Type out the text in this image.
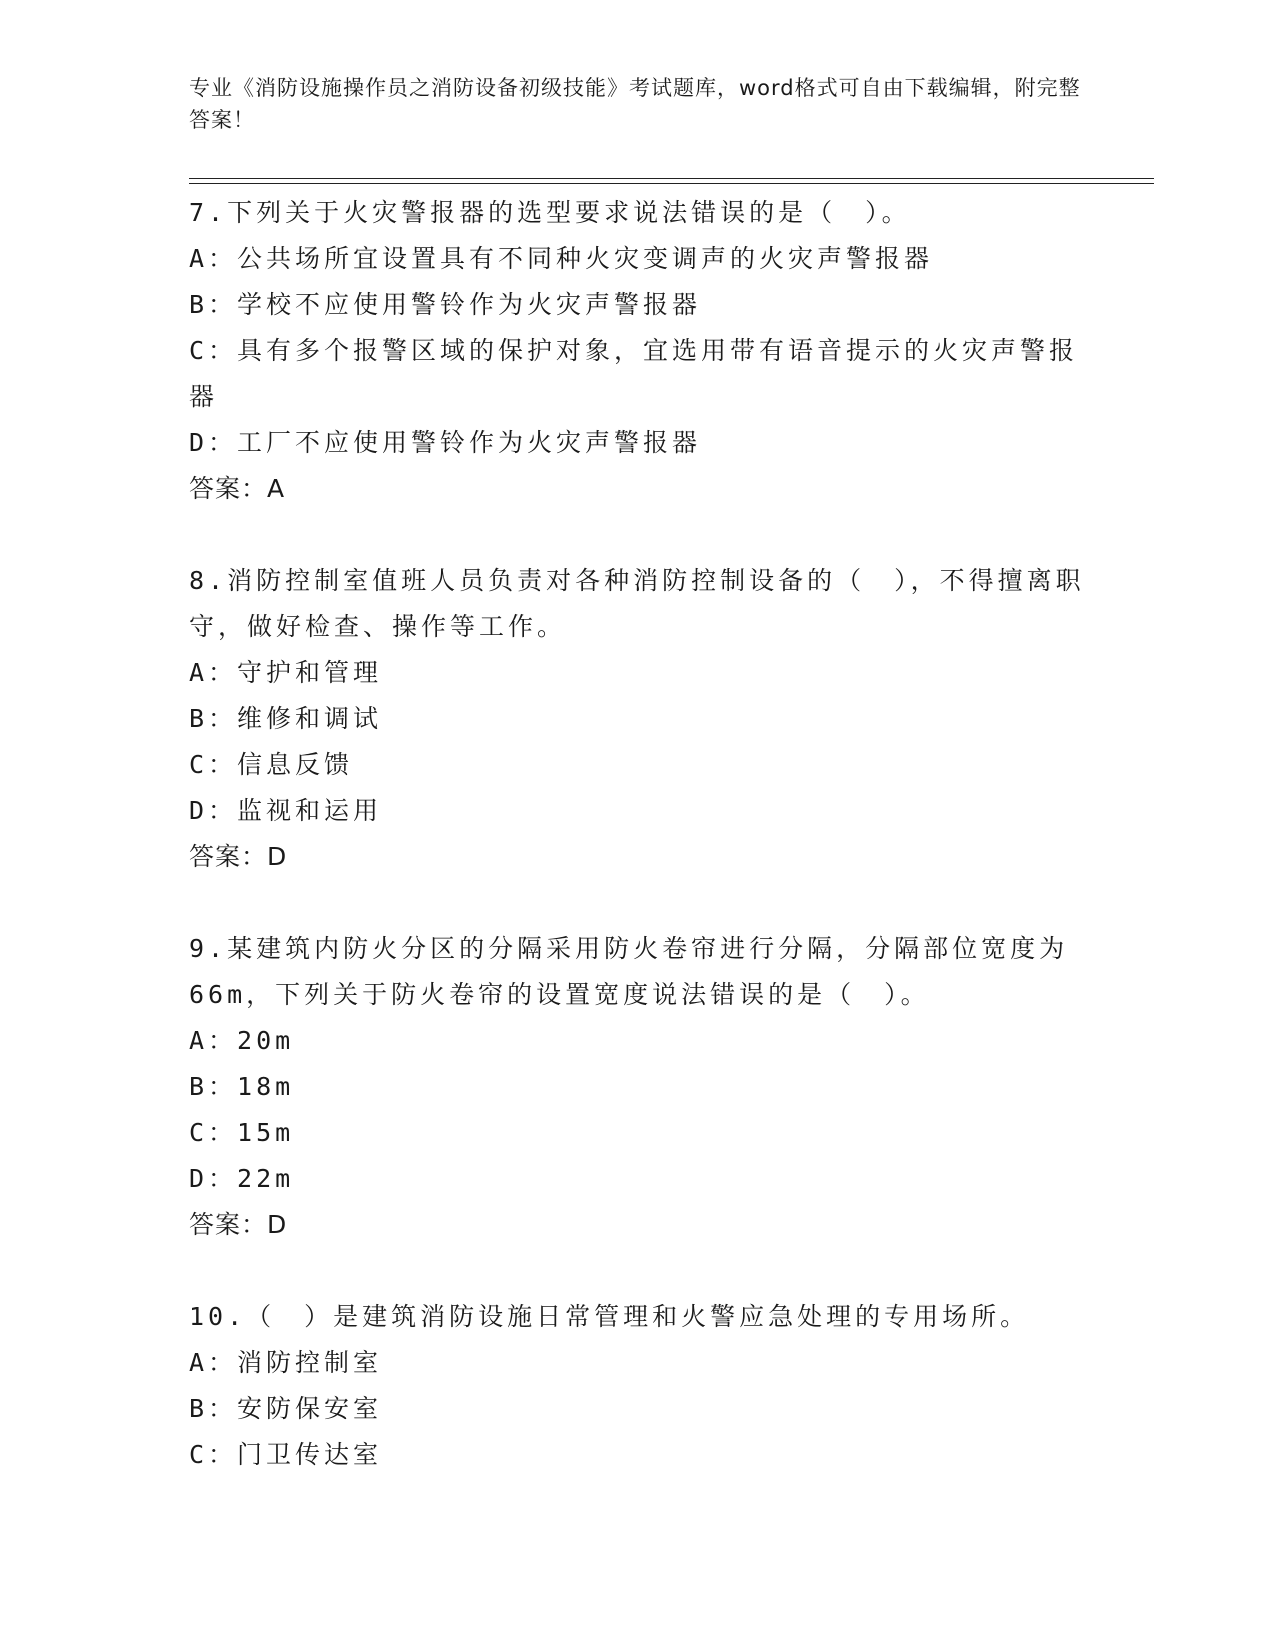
专业《消防设施操作员之消防设备初级技能》考试题库，word格式可自由下载编辑，附完整答案！
7.下列关于火灾警报器的选型要求说法错误的是（　）。
A：公共场所宜设置具有不同种火灾变调声的火灾声警报器
B：学校不应使用警铃作为火灾声警报器
C：具有多个报警区域的保护对象，宜选用带有语音提示的火灾声警报器
D：工厂不应使用警铃作为火灾声警报器
答案：A
8.消防控制室值班人员负责对各种消防控制设备的（　），不得擅离职守，做好检查、操作等工作。
A：守护和管理
B：维修和调试
C：信息反馈
D：监视和运用
答案：D
9.某建筑内防火分区的分隔采用防火卷帘进行分隔，分隔部位宽度为66m，下列关于防火卷帘的设置宽度说法错误的是（　）。
A：20m
B：18m
C：15m
D：22m
答案：D
10.（　）是建筑消防设施日常管理和火警应急处理的专用场所。
A：消防控制室
B：安防保安室
C：门卫传达室
